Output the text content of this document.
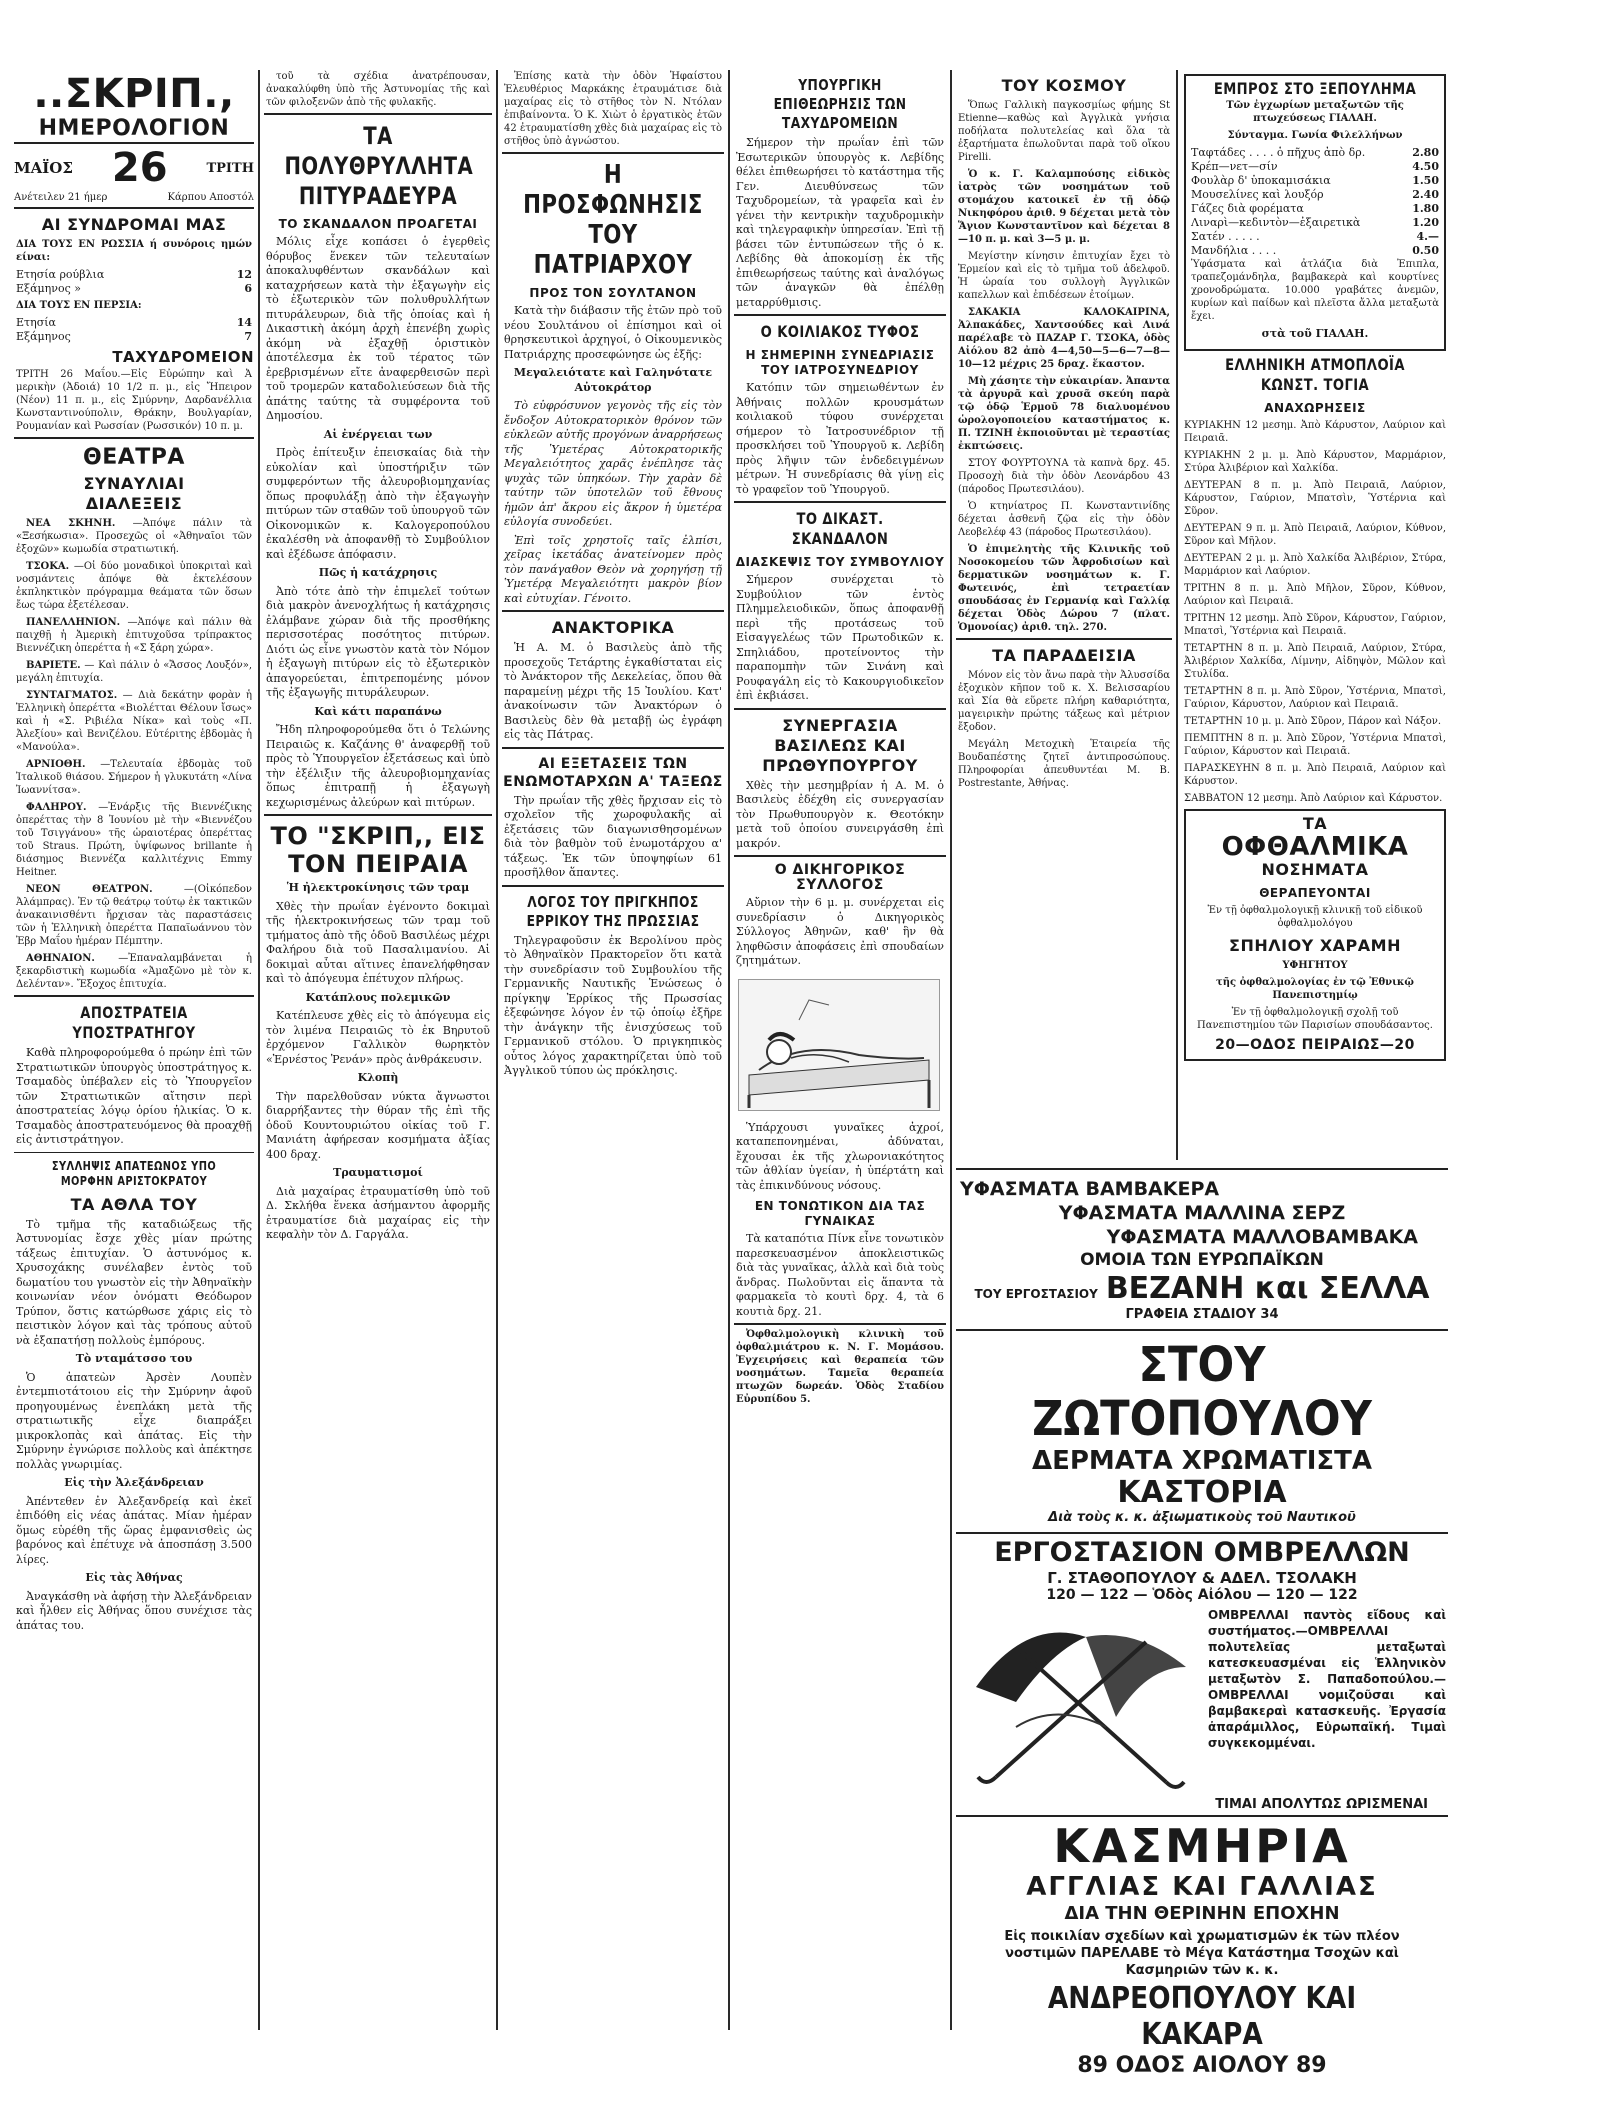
..ΣΚΡΙΠ.,
ΗΜΕΡΟΛΟΓΙΟΝ
ΜΑΪΟΣ 26	ΤΡΙΤΗ
Ανέτειλεν 21 ήμερ	Κάρπου Αποστόλ
ΑΙ ΣΥΝΔΡΟΜΑΙ ΜΑΣ
ΔΙΑ ΤΟΥΣ ΕΝ ΡΩΣΣΙΑ ή συνόροις ημών είναι:
Ετησία ρούβλια	12
Εξάμηνος »	6
ΔΙΑ ΤΟΥΣ ΕΝ ΠΕΡΣΙΑ:
Ετησία	14
Εξάμηνος	7
ΤΑΧΥΔΡΟΜΕΙΟΝ
ΤΡΙΤΗ 26 Μαΐου.—Εἰς Εὐρώπην καὶ Ἀ μερικὴν (Ἀδοιά) 10 1/2 π. μ., εἰς Ἤπειρον (Νέον) 11 π. μ., εἰς Σμύρνην, Δαρδανέλλια Κωνσταντινούπολιν, Θράκην, Βουλγαρίαν, Ρουμανίαν καὶ Ρωσσίαν (Ρωσσικόν) 10 π. μ.
ΘΕΑΤΡΑ
ΣΥΝΑΥΛΙΑΙ
ΔΙΑΛΕΞΕΙΣ
ΝΕΑ ΣΚΗΝΗ. —Ἀπόψε πάλιν τὰ «Ξεσήκωσια». Προσεχῶς οἱ «Ἀθηναῖοι τῶν ἐξοχῶν» κωμωδία στρατιωτική.
ΤΣΟΚΑ. —Οἱ δύο μοναδικοὶ ὑποκριταὶ καὶ νοσμάντεις ἀπόψε θὰ ἐκτελέσουν ἐκπληκτικὸν πρόγραμμα θεάματα τῶν ὅσων ἔως τώρα ἐξετέλεσαν.
ΠΑΝΕΛΛΗΝΙΟΝ. —Ἀπόψε καὶ πάλιν θὰ παιχθῇ ἡ Ἀμερικὴ ἐπιτυχοῦσα τρίπρακτος Βιεννέζικη ὀπερέττα ἡ «Σ ξάρη χώρα».
ΒΑΡΙΕΤΕ. — Καὶ πάλιν ὁ «Ἄσσος Λουξόν», μεγάλη ἐπιτυχία.
ΣΥΝΤΑΓΜΑΤΟΣ. — Διὰ δεκάτην φορὰν ἡ Ἑλληνικὴ ὀπερέττα «Βιολέτται Θέλουν ἴσως» καὶ ἡ «Σ. Ριβιέλα Νίκα» καὶ τοὺς «Π. Ἀλεξίου» καὶ Βενιζέλου. Εὐτέριτης ἑβδομὰς ἡ «Μανούλα».
ΑΡΝΙΟΘΗ. —Τελευταία ἑβδομὰς τοῦ Ἰταλικοῦ θιάσου. Σήμερον ἡ γλυκυτάτη «Λίνα Ἰωαννίτσα».
ΦΑΛΗΡΟΥ. —Ἐνάρξις τῆς Βιεννέζικης ὀπερέττας τὴν 8 Ἰουνίου μὲ τὴν «Βιεννέζου τοῦ Τσιγγάνου» τῆς ὡραιοτέρας ὀπερέττας τοῦ Straus. Πρώτη, ὑψίφωνος brillante ἡ διάσημος Βιεννέζα καλλιτέχνις Emmy Heitner.
ΝΕΟΝ ΘΕΑΤΡΟΝ.	—(Οἰκόπεδον Ἀλάμπρας). Ἐν τῷ θεάτρῳ τούτῳ ἐκ τακτικῶν ἀνακαινισθέντι ἤρχισαν τὰς παραστάσεις τῶν ἡ Ἑλληνικὴ ὀπερέττα Παπαϊωάννου τὸν Ἐβρ Μαΐου ἡμέραν Πέμπτην.
ΑΘΗΝΑΙΟΝ. —Ἐπαναλαμβάνεται ἡ ξεκαρδιστικὴ κωμωδία «Ἀμαξῶνο μὲ τὸν κ. Δελένταν». Ἔξοχος ἐπιτυχία.
ΑΠΟΣΤΡΑΤΕΙΑ ΥΠΟΣΤΡΑΤΗΓΟΥ
Καθὰ πληροφορούμεθα ὁ πρώην ἐπὶ τῶν Στρατιωτικῶν ὑπουργὸς ὑποστράτηγος κ. Τσαμαδὸς ὑπέβαλεν εἰς τὸ Ὑπουργεῖον τῶν Στρατιωτικῶν αἴτησιν περὶ ἀποστρατείας λόγῳ ὁρίου ἡλικίας. Ὁ κ. Τσαμαδὸς ἀποστρατευόμενος θὰ προαχθῇ εἰς ἀντιστράτηγον.
ΣΥΛΛΗΨΙΣ ΑΠΑΤΕΩΝΟΣ ΥΠΟ ΜΟΡΦΗΝ ΑΡΙΣΤΟΚΡΑΤΟΥ
ΤΑ ΑΘΛΑ ΤΟΥ
Τὸ τμῆμα τῆς καταδιώξεως τῆς Ἀστυνομίας ἔσχε χθὲς μίαν πρώτης τάξεως ἐπιτυχίαν. Ὁ ἀστυνόμος κ. Χρυσοχάκης συνέλαβεν ἐντὸς τοῦ δωματίου του γνωστὸν εἰς τὴν Ἀθηναϊκὴν κοινωνίαν νέον ὀνόματι Θεόδωρον Τρύπον, ὅστις κατώρθωσε χάρις εἰς τὸ πειστικὸν λόγον καὶ τὰς τρόπους αὐτοῦ νὰ ἐξαπατήσῃ πολλοὺς ἐμπόρους.
Τὸ νταμάτσσο του
Ὁ ἀπατεὼν Ἀρσὲν Λουπὲν ἐντεμπιοτάτοιου εἰς τὴν Σμύρνην ἀφοῦ προηγουμένως ἐνεπλάκη μετὰ τῆς στρατιωτικῆς εἶχε διαπράξει μικροκλοπὰς καὶ ἀπάτας. Εἰς τὴν Σμύρνην ἐγνώρισε πολλοὺς καὶ ἀπέκτησε πολλὰς γνωριμίας.
Εἰς τὴν Ἀλεξάνδρειαν
Ἀπέντεθεν ἐν Ἀλεξανδρείᾳ καὶ ἐκεῖ ἐπιδόθη εἰς νέας ἀπάτας. Μίαν ἡμέραν ὅμως εὑρέθη τῆς ὥρας ἐμφανισθεὶς ὡς βαρόνος καὶ ἐπέτυχε νὰ ἀποσπάσῃ 3.500 λίρες.
Εἰς τὰς Ἀθήνας
Ἀναγκάσθη νὰ ἀφήσῃ τὴν Ἀλεξάνδρειαν καὶ ἦλθεν εἰς Ἀθήνας ὅπου συνέχισε τὰς ἀπάτας του.
τοῦ τὰ σχέδια ἀνατρέπουσαν, ἀνακαλύφθη ὑπὸ τῆς Ἀστυνομίας τῆς καὶ τῶν φιλοξενῶν ἀπὸ τῆς φυλακῆς.
ΤΑ ΠΟΛΥΘΡΥΛΛΗΤΑ ΠΙΤΥΡΑΔΕΥΡΑ
ΤΟ ΣΚΑΝΔΑΛΟΝ ΠΡΟΑΓΕΤΑΙ
Μόλις εἶχε κοπάσει ὁ ἐγερθεὶς θόρυβος ἕνεκεν τῶν τελευταίων ἀποκαλυφθέντων σκανδάλων καὶ καταχρήσεων κατὰ τὴν ἐξαγωγὴν εἰς τὸ ἐξωτερικὸν τῶν πολυθρυλλήτων πιτυράλευρων, διὰ τῆς ὁποίας καὶ ἡ Δικαστικὴ ἀκόμη ἀρχὴ ἐπενέβη χωρὶς ἀκόμη νὰ ἐξαχθῇ ὁριστικὸν ἀποτέλεσμα ἐκ τοῦ τέρατος τῶν ἐρεβρισμένων εἴτε ἀναφερθεισῶν περὶ τοῦ τρομερῶν καταδολιεύσεων διὰ τῆς ἀπάτης ταύτης τὰ συμφέροντα τοῦ Δημοσίου.
Αἱ ἐνέργειαι των
Πρὸς ἐπίτευξιν ἐπεισκαίας διὰ τὴν εὐκολίαν καὶ ὑποστήριξιν τῶν συμφερόντων τῆς ἀλευροβιομηχανίας ὅπως προφυλάξῃ ἀπὸ τὴν ἐξαγωγὴν πιτύρων τῶν σταθῶν τοῦ ὑπουργοῦ τῶν Οἰκονομικῶν κ. Καλογεροπούλου ἐκαλέσθη νὰ ἀποφανθῇ τὸ Συμβούλιον καὶ ἐξέδωσε ἀπόφασιν.
Πῶς ἡ κατάχρησις
Ἀπὸ τότε ἀπὸ τὴν ἐπιμελεῖ τούτων διὰ μακρὸν ἀνενοχλήτως ἡ κατάχρησις ἐλάμβανε χώραν διὰ τῆς προσθήκης περισσοτέρας ποσότητος πιτύρων. Διότι ὡς εἶνε γνωστὸν κατὰ τὸν Νόμον ἡ ἐξαγωγὴ πιτύρων εἰς τὸ ἐξωτερικὸν ἀπαγορεύεται, ἐπιτρεπομένης μόνον τῆς ἐξαγωγῆς πιτυράλευρων.
Καὶ κάτι παραπάνω
Ἤδη πληροφορούμεθα ὅτι ὁ Τελώνης Πειραιῶς κ. Καζάνης θ' ἀναφερθῇ τοῦ πρὸς τὸ Ὑπουργεῖον ἐξετάσεως καὶ ὑπὸ τὴν ἐξέλιξιν τῆς ἀλευροβιομηχανίας ὅπως ἐπιτραπῇ ἡ ἐξαγωγὴ κεχωρισμένως ἀλεύρων καὶ πιτύρων.
ΤΟ "ΣΚΡΙΠ,, ΕΙΣ ΤΟΝ ΠΕΙΡΑΙΑ
Ἡ ἠλεκτροκίνησις τῶν τραμ
Χθὲς τὴν πρωΐαν ἐγένοντο δοκιμαὶ τῆς ἠλεκτροκινήσεως τῶν τραμ τοῦ τμήματος ἀπὸ τῆς ὁδοῦ Βασιλέως μέχρι Φαλήρου διὰ τοῦ Πασαλιμανίου. Αἱ δοκιμαὶ αὗται αἵτινες ἐπανελήφθησαν καὶ τὸ ἀπόγευμα ἐπέτυχον πλήρως.
Κατάπλους πολεμικῶν
Κατέπλευσε χθὲς εἰς τὸ ἀπόγευμα εἰς τὸν λιμένα Πειραιῶς τὸ ἐκ Βηρυτοῦ ἐρχόμενον Γαλλικὸν θωρηκτὸν «Ἐρνέστος Ῥενάν» πρὸς ἀνθράκευσιν.
Κλοπὴ
Τὴν παρελθοῦσαν νύκτα ἄγνωστοι διαρρήξαντες τὴν θύραν τῆς ἐπὶ τῆς ὁδοῦ Κουντουριώτου οἰκίας τοῦ Γ. Μανιάτη ἀφήρεσαν κοσμήματα ἀξίας 400 δραχ.
Τραυματισμοί
Διὰ μαχαίρας ἐτραυματίσθη ὑπὸ τοῦ Δ. Σκλήθα ἕνεκα ἀσήμαντου ἀφορμῆς ἐτραυματίσε διὰ μαχαίρας εἰς τὴν κεφαλὴν τὸν Δ. Γαργάλα.
Ἐπίσης κατὰ τὴν ὁδὸν Ἡφαίστου Ἐλευθέριος Μαρκάκης ἐτραυμάτισε διὰ μαχαίρας εἰς τὸ στῆθος τὸν Ν. Ντόλαν ἐπιβαίνοντα. Ὁ Κ. Χιὼτ ὁ ἐργατικὸς ἐτῶν 42 ἐτραυματίσθη χθὲς διὰ μαχαίρας εἰς τὸ στῆθος ὑπὸ ἀγνώστου.
Η ΠΡΟΣΦΩΝΗΣΙΣ ΤΟΥ ΠΑΤΡΙΑΡΧΟΥ
ΠΡΟΣ ΤΟΝ ΣΟΥΛΤΑΝΟΝ
Κατὰ τὴν διάβασιν τῆς ἐτῶν πρὸ τοῦ νέου Σουλτάνου οἱ ἐπίσημοι καὶ οἱ θρησκευτικοὶ ἀρχηγοί, ὁ Οἰκουμενικὸς Πατριάρχης προσεφώνησε ὡς ἑξῆς:
Μεγαλειότατε καὶ Γαληνότατε Αὐτοκράτορ
Τὸ εὐφρόσυνον γεγονὸς τῆς εἰς τὸν ἔνδοξον Αὐτοκρατορικὸν θρόνον τῶν εὐκλεῶν αὐτῆς προγόνων ἀναρρήσεως τῆς Ὑμετέρας Αὐτοκρατορικῆς Μεγαλειότητος χαρᾶς ἐνέπλησε τὰς ψυχὰς τῶν ὑπηκόων. Τὴν χαρὰν δὲ ταύτην τῶν ὑποτελῶν τοῦ ἔθνους ἡμῶν ἀπ' ἄκρου εἰς ἄκρον ἡ ὑμετέρα εὐλογία συνοδεύει.
Ἐπὶ τοῖς χρηστοῖς ταῖς ἐλπίσι, χεῖρας ἱκετάδας ἀνατείνομεν πρὸς τὸν πανάγαθον Θεὸν νὰ χορηγήσῃ τῇ Ὑμετέρᾳ Μεγαλειότητι μακρὸν βίον καὶ εὐτυχίαν. Γένοιτο.
ΑΝΑΚΤΟΡΙΚΑ
Ἡ Α. Μ. ὁ Βασιλεὺς ἀπὸ τῆς προσεχοῦς Τετάρτης ἐγκαθίσταται εἰς τὸ Ἀνάκτορον τῆς Δεκελείας, ὅπου θὰ παραμείνῃ μέχρι τῆς 15 Ἰουλίου. Κατ' ἀνακοίνωσιν τῶν Ἀνακτόρων ὁ Βασιλεὺς δὲν θὰ μεταβῇ ὡς ἐγράφη εἰς τὰς Πάτρας.
ΑΙ ΕΞΕΤΑΣΕΙΣ ΤΩΝ ΕΝΩΜΟΤΑΡΧΩΝ Α' ΤΑΞΕΩΣ
Τὴν πρωΐαν τῆς χθὲς ἤρχισαν εἰς τὸ σχολεῖον τῆς χωροφυλακῆς αἱ ἐξετάσεις τῶν διαγωνισθησομένων διὰ τὸν βαθμὸν τοῦ ἐνωμοτάρχου α' τάξεως. Ἐκ τῶν ὑποψηφίων 61 προσῆλθον ἅπαντες.
ΛΟΓΟΣ ΤΟΥ ΠΡΙΓΚΗΠΟΣ ΕΡΡΙΚΟΥ ΤΗΣ ΠΡΩΣΣΙΑΣ
Τηλεγραφοῦσιν ἐκ Βερολίνου πρὸς τὸ Ἀθηναϊκὸν Πρακτορεῖον ὅτι κατὰ τὴν συνεδρίασιν τοῦ Συμβουλίου τῆς Γερμανικῆς Ναυτικῆς Ἑνώσεως ὁ πρίγκηψ Ἐρρίκος τῆς Πρωσσίας ἐξεφώνησε λόγον ἐν τῷ ὁποίῳ ἐξῆρε τὴν ἀνάγκην τῆς ἐνισχύσεως τοῦ Γερμανικοῦ στόλου. Ὁ πριγκηπικὸς οὗτος λόγος χαρακτηρίζεται ὑπὸ τοῦ Ἀγγλικοῦ τύπου ὡς πρόκλησις.
ΥΠΟΥΡΓΙΚΗ ΕΠΙΘΕΩΡΗΣΙΣ ΤΩΝ ΤΑΧΥΔΡΟΜΕΙΩΝ
Σήμερον τὴν πρωΐαν ἐπὶ τῶν Ἐσωτερικῶν ὑπουργὸς κ. Λεβίδης θέλει ἐπιθεωρήσει τὸ κατάστημα τῆς Γεν. Διευθύνσεως τῶν Ταχυδρομείων, τὰ γραφεῖα καὶ ἐν γένει τὴν κεντρικὴν ταχυδρομικὴν καὶ τηλεγραφικὴν ὑπηρεσίαν. Ἐπὶ τῇ βάσει τῶν ἐντυπώσεων τῆς ὁ κ. Λεβίδης θὰ ἀποκομίσῃ ἐκ τῆς ἐπιθεωρήσεως ταύτης καὶ ἀναλόγως τῶν ἀναγκῶν θὰ ἐπέλθῃ μεταρρύθμισις.
Ο ΚΟΙΛΙΑΚΟΣ ΤΥΦΟΣ
Η ΣΗΜΕΡΙΝΗ ΣΥΝΕΔΡΙΑΣΙΣ ΤΟΥ ΙΑΤΡΟΣΥΝΕΔΡΙΟΥ
Κατόπιν τῶν σημειωθέντων ἐν Ἀθήναις πολλῶν κρουσμάτων κοιλιακοῦ τύφου συνέρχεται σήμερον τὸ Ἰατροσυνέδριον τῇ προσκλήσει τοῦ Ὑπουργοῦ κ. Λεβίδη πρὸς λῆψιν τῶν ἐνδεδειγμένων μέτρων. Ἡ συνεδρίασις θὰ γίνῃ εἰς τὸ γραφεῖον τοῦ Ὑπουργοῦ.
ΤΟ ΔΙΚΑΣΤ. ΣΚΑΝΔΑΛΟΝ
ΔΙΑΣΚΕΨΙΣ ΤΟΥ ΣΥΜΒΟΥΛΙΟΥ
Σήμερον συνέρχεται τὸ Συμβούλιον τῶν ἐντὸς Πλημμελειοδικῶν, ὅπως ἀποφανθῇ περὶ τῆς προτάσεως τοῦ Εἰσαγγελέως τῶν Πρωτοδικῶν κ. Σπηλιάδου, προτείνοντος τὴν παραπομπὴν τῶν Σινάνη καὶ Ρουφαγάλη εἰς τὸ Κακουργιοδικεῖον ἐπὶ ἐκβιάσει.
ΣΥΝΕΡΓΑΣΙΑ ΒΑΣΙΛΕΩΣ ΚΑΙ ΠΡΩΘΥΠΟΥΡΓΟΥ
Χθὲς τὴν μεσημβρίαν ἡ Α. Μ. ὁ Βασιλεὺς ἐδέχθη εἰς συνεργασίαν τὸν Πρωθυπουργὸν κ. Θεοτόκην μετὰ τοῦ ὁποίου συνειργάσθη ἐπὶ μακρόν.
Ο ΔΙΚΗΓΟΡΙΚΟΣ ΣΥΛΛΟΓΟΣ
Αὔριον τὴν 6 μ. μ. συνέρχεται εἰς συνεδρίασιν ὁ Δικηγορικὸς Σύλλογος Ἀθηνῶν, καθ' ἣν θὰ ληφθῶσιν ἀποφάσεις ἐπὶ σπουδαίων ζητημάτων.
Ὑπάρχουσι γυναῖκες ἀχροί, καταπεπονημέναι, ἀδύναται, ἔχουσαι ἐκ τῆς χλωρονιακότητος τῶν ἀθλίαν ὑγείαν, ἡ ὑπέρτάτη καὶ τὰς ἐπικινδύνους νόσους.
ΕΝ ΤΟΝΩΤΙΚΟΝ ΔΙΑ ΤΑΣ ΓΥΝΑΙΚΑΣ
Τὰ καταπότια Πίνκ εἶνε τονωτικὸν παρεσκευασμένον ἀποκλειστικῶς διὰ τὰς γυναῖκας, ἀλλὰ καὶ διὰ τοὺς ἄνδρας. Πωλοῦνται εἰς ἅπαντα τὰ φαρμακεῖα τὸ κουτὶ δρχ. 4, τὰ 6 κουτιὰ δρχ. 21.
Ὀφθαλμολογικὴ κλινικὴ τοῦ ὀφθαλμιάτρου κ. Ν. Γ. Μομάσου. Ἐγχειρήσεις καὶ θεραπεία τῶν νοσημάτων. Ταμεῖα θεραπεία πτωχῶν δωρεάν. Ὁδὸς Σταδίου Εὐρυπίδου 5.
ΤΟΥ ΚΟΣΜΟΥ
Ὅπως Γαλλικὴ παγκοσμίως φήμης St Etienne—καθὼς καὶ Ἀγγλικὰ γνήσια ποδήλατα πολυτελείας καὶ ὅλα τὰ ἐξαρτήματα ἐπωλοῦνται παρὰ τοῦ οἴκου Pirelli.
Ὁ κ. Γ. Καλαμπούσης εἰδικὸς ἰατρὸς τῶν νοσημάτων τοῦ στομάχου κατοικεῖ ἐν τῇ ὁδῷ Νικηφόρου ἀριθ. 9 δέχεται μετὰ τὸν Ἅγιον Κωνσταντῖνον καὶ δέχεται 8—10 π. μ. καὶ 3—5 μ. μ.
Μεγίστην κίνησιν ἐπιτυχίαν ἔχει τὸ Ἑρμείον καὶ εἰς τὸ τμῆμα τοῦ ἀδελφοῦ. Ἡ ὡραία του συλλογὴ Ἀγγλικῶν καπελλων καὶ ἐπιδέσεων ἐτοίμων.
ΣΑΚΑΚΙΑ ΚΑΛΟΚΑΙΡΙΝΑ, Ἀλπακάδες, Χαντσούδες καὶ Λινά παρέλαβε τὸ ΠΑΖΑΡ Γ. ΤΣΟΚΑ, ὁδὸς Αἰόλου 82 ἀπὸ 4—4,50—5—6—7—8—10—12 μέχρις 25 δραχ. ἕκαστον.
Μὴ χάσητε τὴν εὐκαιρίαν. Ἀπαντα τὰ ἀργυρᾶ καὶ χρυσᾶ σκεύη παρὰ τῷ ὁδῷ Ἑρμοῦ 78 διαλυομένου ὡρολογοποιείου καταστήματος κ. Π. ΤΖΙΝΗ ἐκποιοῦνται μὲ τεραστίας ἐκπτώσεις.
ΣΤΟΥ ΦΟΥΡΤΟΥΝΑ τὰ καπνὰ δρχ. 45. Προσοχὴ διὰ τὴν ὁδὸν Λεονάρδου 43 (πάροδος Πρωτεσιλάου).
Ὁ κτηνίατρος Π. Κωνσταντινίδης δέχεται ἀσθενῆ ζῷα εἰς τὴν ὁδὸν Λεοβελέφ 43 (πάροδος Πρωτεσιλάου).
Ὁ ἐπιμελητὴς τῆς Κλινικῆς τοῦ Νοσοκομείου τῶν Ἀφροδισίων καὶ δερματικῶν νοσημάτων κ. Γ. Φωτεινός, ἐπὶ τετραετίαν σπουδάσας ἐν Γερμανίᾳ καὶ Γαλλίᾳ δέχεται Ὁδὸς Δώρου 7 (πλατ. Ὁμονοίας) ἀριθ. τηλ. 270.
ΤΑ ΠΑΡΑΔΕΙΣΙΑ
Μόνον εἰς τὸν ἄνω παρὰ τὴν Ἀλυσσίδα ἐξοχικὸν κῆπον τοῦ κ. Χ. Βελισσαρίου καὶ Σία θὰ εὕρετε πλήρη καθαριότητα, μαγειρικὴν πρώτης τάξεως καὶ μέτριον ἔξοδον.
Μεγάλη Μετοχικὴ Ἑταιρεία τῆς Βουδαπέστης ζητεῖ ἀντιπροσώπους. Πληροφορίαι ἀπευθυντέαι Μ. Β. Postrestante, Ἀθήνας.
ΕΜΠΡΟΣ ΣΤΟ ΞΕΠΟΥΛΗΜΑ
Τῶν ἐγχωρίων μεταξωτῶν τῆς πτωχεύσεως ΓΙΑΛΑΗ.
Σύνταγμα. Γωνία Φιλελλήνων
Ταφτάδες . . . . ὁ πῆχυς ἀπὸ δρ.	2.80
Κρέπ—νετ—σίν	4.50
Φουλὰρ δ' ὑποκαμισάκια	1.50
Μουσελίνες καὶ λουξόρ	2.40
Γάζες διὰ φορέματα	1.80
Λιναρὶ—κεδιντὸν—ἐξαιρετικὰ	1.20
Σατέν . . . . .	4.—
Μανδήλια . . . .	0.50
Ὑφάσματα καὶ ἀτλάζια διὰ Ἐπιπλα, τραπεζομάνδηλα, βαμβακερὰ καὶ κουρτίνες χρονοδρώματα. 10.000 γραβάτες ἀνεμῶν, κυρίων καὶ παίδων καὶ πλεῖστα ἄλλα μεταξωτὰ ἔχει.
στὰ τοῦ ΓΙΑΛΑΗ.
ΕΛΛΗΝΙΚΗ ΑΤΜΟΠΛΟΪΑ ΚΩΝΣΤ. ΤΟΓΙΑ
ΑΝΑΧΩΡΗΣΕΙΣ
ΚΥΡΙΑΚΗΝ 12 μεσημ. Ἀπὸ Κάρυστον, Λαύριον καὶ Πειραιᾶ.
ΚΥΡΙΑΚΗΝ 2 μ. μ. Ἀπὸ Κάρυστον, Μαρμάριον, Στύρα Ἀλιβέριον καὶ Χαλκίδα.
ΔΕΥΤΕΡΑΝ 8 π. μ. Ἀπὸ Πειραιᾶ, Λαύριον, Κάρυστον, Γαύριον, Μπατσὶν, Ὑστέρνια καὶ Σῦρον.
ΔΕΥΤΕΡΑΝ 9 π. μ. Ἀπὸ Πειραιᾶ, Λαύριον, Κύθνον, Σῦρον καὶ Μῆλον.
ΔΕΥΤΕΡΑΝ 2 μ. μ. Ἀπὸ Χαλκίδα Ἀλιβέριον, Στύρα, Μαρμάριον καὶ Λαύριον.
ΤΡΙΤΗΝ 8 π. μ. Ἀπὸ Μῆλον, Σῦρον, Κύθνον, Λαύριον καὶ Πειραιᾶ.
ΤΡΙΤΗΝ 12 μεσημ. Ἀπὸ Σῦρον, Κάρυστον, Γαύριον, Μπατσὶ, Ὑστέρνια καὶ Πειραιᾶ.
ΤΕΤΑΡΤΗΝ 8 π. μ. Ἀπὸ Πειραιᾶ, Λαύριον, Στύρα, Ἀλιβέριον Χαλκίδα, Λίμνην, Αἰδηψὸν, Μῶλον καὶ Στυλίδα.
ΤΕΤΑΡΤΗΝ 8 π. μ. Ἀπὸ Σῦρον, Ὑστέρνια, Μπατσὶ, Γαύριον, Κάρυστον, Λαύριον καὶ Πειραιᾶ.
ΤΕΤΑΡΤΗΝ 10 μ. μ. Ἀπὸ Σῦρον, Πάρον καὶ Νάξον.
ΠΕΜΠΤΗΝ 8 π. μ. Ἀπὸ Σῦρον, Ὑστέρνια Μπατσὶ, Γαύριον, Κάρυστον καὶ Πειραιᾶ.
ΠΑΡΑΣΚΕΥΗΝ 8 π. μ. Ἀπὸ Πειραιᾶ, Λαύριον καὶ Κάρυστον.
ΣΑΒΒΑΤΟΝ 12 μεσημ. Ἀπὸ Λαύριον καὶ Κάρυστον.
ΤΑ
ΟΦΘΑΛΜΙΚΑ
ΝΟΣΗΜΑΤΑ
ΘΕΡΑΠΕΥΟΝΤΑΙ
Ἐν τῇ ὀφθαλμολογικῇ κλινικῇ τοῦ εἰδικοῦ ὀφθαλμολόγου
ΣΠΗΛΙΟΥ ΧΑΡΑΜΗ
ΥΦΗΓΗΤΟΥ
τῆς ὀφθαλμολογίας ἐν τῷ Ἐθνικῷ Πανεπιστημίῳ
Ἐν τῇ ὀφθαλμολογικῇ σχολῇ τοῦ Πανεπιστημίου τῶν Παρισίων σπουδάσαντος.
20—ΟΔΟΣ ΠΕΙΡΑΙΩΣ—20
ΥΦΑΣΜΑΤΑ ΒΑΜΒΑΚΕΡΑ
ΥΦΑΣΜΑΤΑ ΜΑΛΛΙΝΑ ΣΕΡΖ
ΥΦΑΣΜΑΤΑ ΜΑΛΛΟΒΑΜΒΑΚΑ
ΟΜΟΙΑ ΤΩΝ ΕΥΡΩΠΑΪΚΩΝ
ΤΟΥ ΕΡΓΟΣΤΑΣΙΟΥ ΒΕΖΑΝΗ και ΣΕΛΛΑ
ΓΡΑΦΕΙΑ ΣΤΑΔΙΟΥ 34
ΣΤΟΥ ΖΩΤΟΠΟΥΛΟΥ
ΔΕΡΜΑΤΑ ΧΡΩΜΑΤΙΣΤΑ
ΚΑΣΤΟΡΙΑ
Διὰ τοὺς κ. κ. ἀξιωματικοὺς τοῦ Ναυτικοῦ
ΕΡΓΟΣΤΑΣΙΟΝ ΟΜΒΡΕΛΛΩΝ
Γ. ΣΤΑΘΟΠΟΥΛΟΥ & ΑΔΕΛ. ΤΣΟΛΑΚΗ
120 — 122 — Ὁδὸς Αἰόλου — 120 — 122
ΟΜΒΡΕΛΛΑΙ παντὸς εἴδους καὶ συστήματος.—ΟΜΒΡΕΛΛΑΙ πολυτελεῖας μεταξωταὶ κατεσκευασμέναι εἰς Ἑλληνικὸν μεταξωτὸν Σ. Παπαδοπούλου.—ΟΜΒΡΕΛΛΑΙ νομιζοῦσαι καὶ βαμβακεραὶ κατασκευῆς. Ἐργασία ἀπαράμιλλος, Εὐρωπαϊκή. Τιμαὶ συγκεκομμέναι.
ΤΙΜΑΙ ΑΠΟΛΥΤΩΣ ΩΡΙΣΜΕΝΑΙ
ΚΑΣΜΗΡΙΑ
ΑΓΓΛΙΑΣ ΚΑΙ ΓΑΛΛΙΑΣ
ΔΙΑ ΤΗΝ ΘΕΡΙΝΗΝ ΕΠΟΧΗΝ
Εἰς ποικιλίαν σχεδίων καὶ χρωματισμῶν ἐκ τῶν πλέον νοστιμῶν ΠΑΡΕΛΑΒΕ τὸ Μέγα Κατάστημα Τσοχῶν καὶ Κασμηριῶν τῶν κ. κ.
ΑΝΔΡΕΟΠΟΥΛΟΥ ΚΑΙ ΚΑΚΑΡΑ
89 ΟΔΟΣ ΑΙΟΛΟΥ 89
